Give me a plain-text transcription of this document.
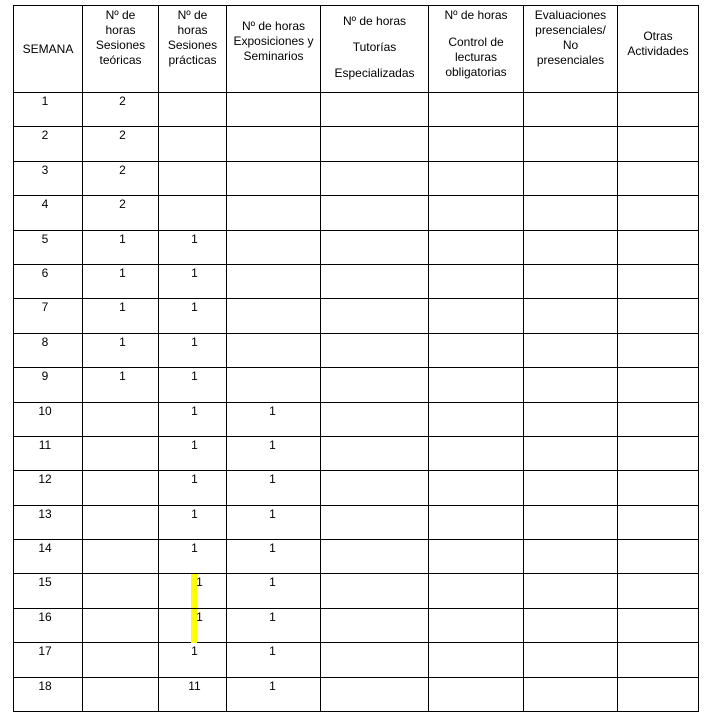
SEMANA	Nº de
horas
Sesiones
teóricas	Nº de
horas
Sesiones
prácticas	Nº de horas
Exposiciones y
Seminarios	Nº de horas
Tutorías
Especializadas	Nº de horas
Control de
lecturas
obligatorias	Evaluaciones
presenciales/
No
presenciales	Otras
Actividades

1	2						

2	2						

3	2						

4	2						

5	1	1					

6	1	1					

7	1	1					

8	1	1					

9	1	1					

10		1	1				

11		1	1				

12		1	1				

13		1	1				

14		1	1				

15		1	1				

16		1	1				

17		1	1				

18		11	1				
